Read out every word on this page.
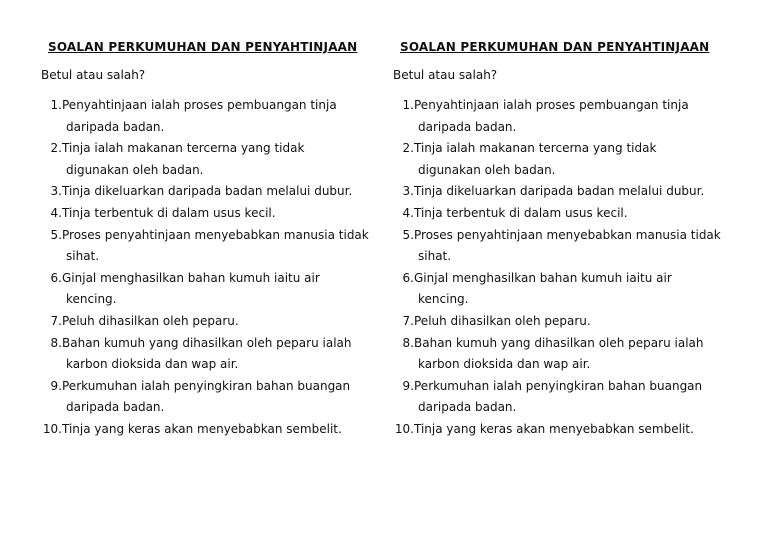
SOALAN PERKUMUHAN DAN PENYAHTINJAAN
Betul atau salah?
1. Penyahtinjaan ialah proses pembuangan tinja
daripada badan.
2. Tinja ialah makanan tercerna yang tidak
digunakan oleh badan.
3. Tinja dikeluarkan daripada badan melalui dubur.
4. Tinja terbentuk di dalam usus kecil.
5. Proses penyahtinjaan menyebabkan manusia tidak
sihat.
6. Ginjal menghasilkan bahan kumuh iaitu air
kencing.
7. Peluh dihasilkan oleh peparu.
8. Bahan kumuh yang dihasilkan oleh peparu ialah
karbon dioksida dan wap air.
9. Perkumuhan ialah penyingkiran bahan buangan
daripada badan.
10. Tinja yang keras akan menyebabkan sembelit.
SOALAN PERKUMUHAN DAN PENYAHTINJAAN
Betul atau salah?
1. Penyahtinjaan ialah proses pembuangan tinja
daripada badan.
2. Tinja ialah makanan tercerna yang tidak
digunakan oleh badan.
3. Tinja dikeluarkan daripada badan melalui dubur.
4. Tinja terbentuk di dalam usus kecil.
5. Proses penyahtinjaan menyebabkan manusia tidak
sihat.
6. Ginjal menghasilkan bahan kumuh iaitu air
kencing.
7. Peluh dihasilkan oleh peparu.
8. Bahan kumuh yang dihasilkan oleh peparu ialah
karbon dioksida dan wap air.
9. Perkumuhan ialah penyingkiran bahan buangan
daripada badan.
10. Tinja yang keras akan menyebabkan sembelit.
